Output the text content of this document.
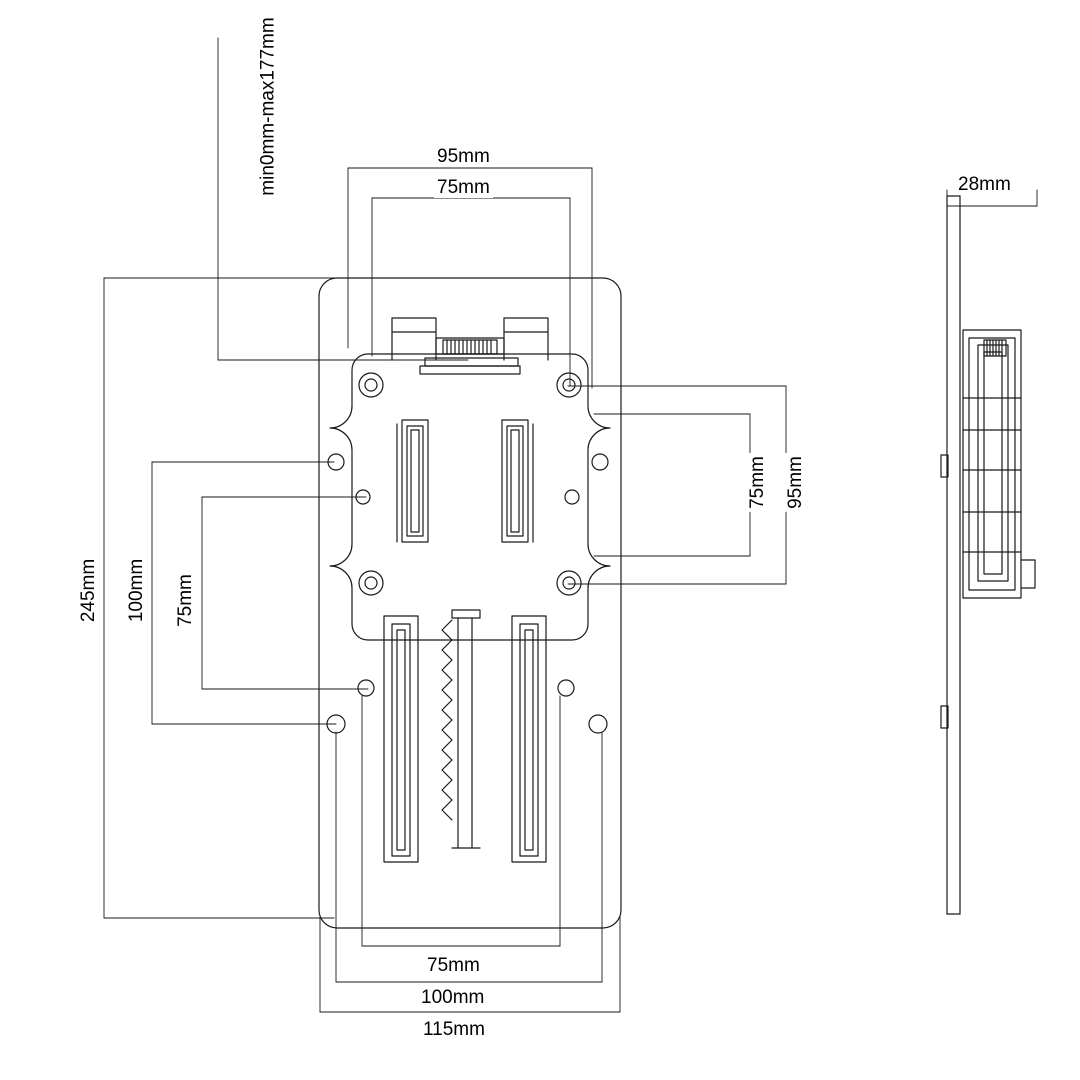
min0mm-max177mm	95mm
75mm
75mm 95mm
245mm 100mm 75mm
75mm
100mm
115mm
28mm
